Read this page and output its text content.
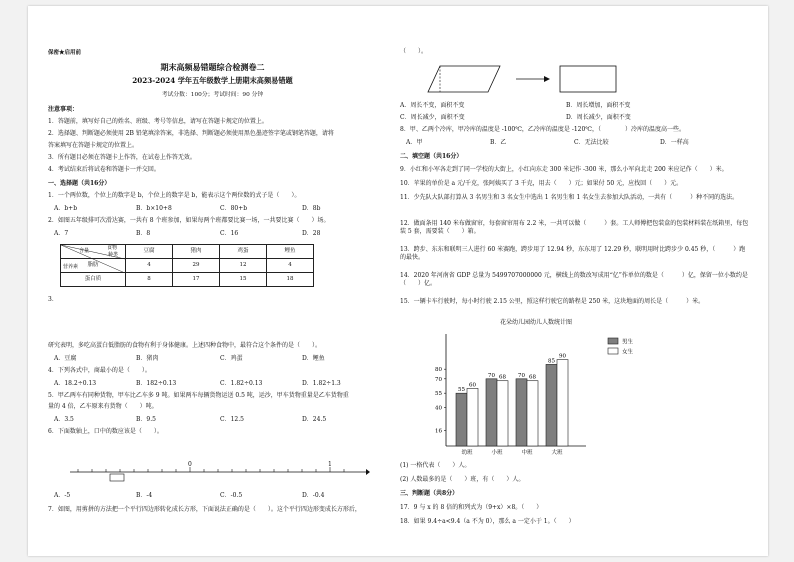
保密★启用前
期末高频易错题综合检测卷二
2023-2024 学年五年级数学上册期末高频易错题
考试分数：100分；考试时间：90 分钟
注意事项：
1．答题前，填写好自己的姓名、班级、考号等信息，请写在答题卡规定的位置上。
2．选择题、判断题必须使用 2B 铅笔填涂答案，非选择、判断题必须使用黑色墨迹签字笔或钢笔答题，请将
答案填写在答题卡规定的位置上。
3．所有题目必须在答题卡上作答，在试卷上作答无效。
4．考试结束后将试卷和答题卡一并交回。
一、选择题（共16分）
1．一个两位数，个位上的数字是 b，个位上的数字是 b，能表示这个两位数的式子是（　　）。
A．b+b	B．b×10+8	C．80+b	D．8b
2．如图五年级排可次滑达赛，一共有 8 个班参加，如果每两个班都要比赛一场，一共要比赛（　　）场。
A．7	B．8	C．16	D．28
3．
食物
种类
含量
营养素	豆腐	猪肉	鸡蛋	鲤鱼
脂肪	4	29	12	4
蛋白质	8	17	15	18
研究表明，多吃高蛋白低脂肪的食物有利于身体健康。上述四种食物中，最符合这个条件的是（　　）。
A．豆腐	B．猪肉	C．鸡蛋	D．鲤鱼
4．下列各式中，商最小的是（　　）。
A．18.2÷0.13	B．182÷0.13	C．1.82÷0.13	D．1.82÷1.3
5．甲乙两车有同种货物，甲车比乙车多 9 吨。如果两车每辆货物运送 0.5 吨，运沙，甲车货物重量是乙车货物重
量的 4 倍，乙车原来有货物（　　）吨。
A．3.5	B．9.5	C．12.5	D．24.5
6．下面数轴上，口中的数应该是（　　）。
0	1
A．-5	B．-4	C．-0.5	D．-0.4
7．如图，用剪拼的方法把一个平行四边形转化成长方形，下面说法正确的是（　　）。这个平行四边形变成长方形后，
（　　）。
A．周长不变，面积不变	B．周长增加，面积不变
C．周长减少，面积不变	D．周长减少，面积不变
8．甲、乙两个冷库，甲冷库的温度是 -100℃，乙冷库的温度是 -120℃，（　　　　）冷库的温度高一些。
A．甲	B．乙	C．无法比较	D．一样高
二、填空题（共16分）
9．小红和小军各走到了同一学校的大街上，小红向东走 300 米记作 -300 米，那么小军向北走 200 米应记作（　　）米。
10．苹果的单价是 a 元/千克，张阿姨买了 3 千克，用去（　　）元；如果付 50 元，应找回（　　）元。
11．少先队大队部打算从 3 名男生和 3 名女生中选出 1 名男生和 1 名女生去参加大队活动，一共有（　　　）种不同的选法。
12．做面条用 140 米布做窗帘，每套窗帘用布 2.2 米，一共可以做（　　　）套。工人师傅把包装盒的包装材料装在纸箱里，每包装 5 套，需要装（　　）箱。
13．跨步、东东和联明三人进行 60 米赛跑，跨步用了 12.94 秒，东东用了 12.29 秒，联明用时比跨步少 0.45 秒，（　　　）跑的最快。
14．2020 年河南省 GDP 总量为 5499707000000 元，横线上的数改写成用“亿”作单位的数是（　　　）亿，保留一位小数约是（　　）亿。
15．一辆卡车行驶时，每小时行驶 2.15 公里，照这样行驶它的路程是 250 米，这块地面的周长是（　　　）米。
花朵幼儿园幼儿人数统计图
16
40
55
70
80
55
60
幼班
70 68
小班
70 68
中班
85
90
大班
男生
女生
(1) 一格代表（　　）人。
(2) 人数最多的是（　　）班，有（　　）人。
三、判断题（共8分）
17．9 与 x 的 8 倍的和列式为（9+x）×8。（　　）
18．如果 9.4÷a<9.4（a 不为 0），那么 a 一定小于 1。（　　）
